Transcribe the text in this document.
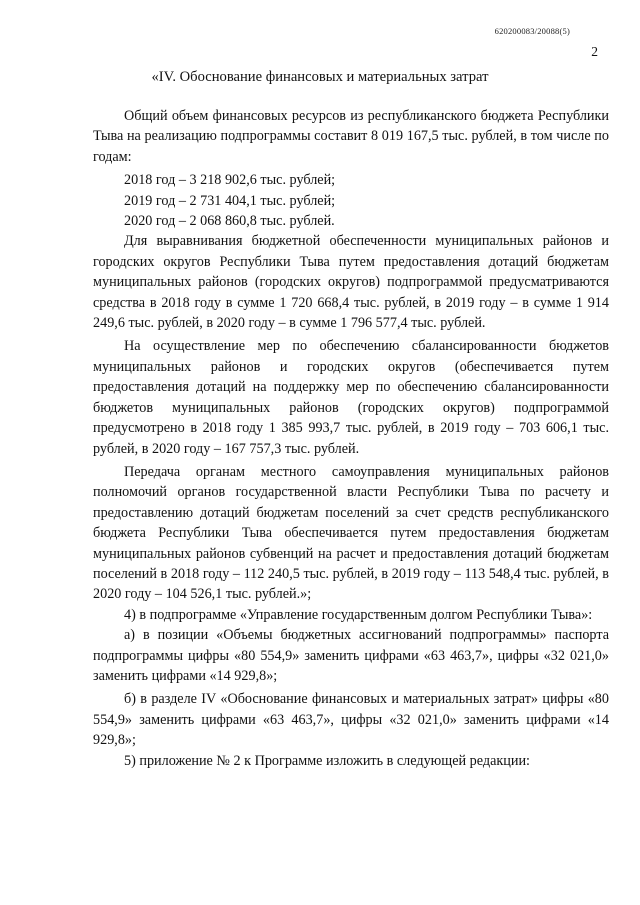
620200083/20088(5)
2
«IV. Обоснование финансовых и материальных затрат

Общий объем финансовых ресурсов из республиканского бюджета Республики Тыва на реализацию подпрограммы составит 8 019 167,5 тыс. рублей, в том числе по годам:

2018 год – 3 218 902,6 тыс. рублей;

2019 год – 2 731 404,1 тыс. рублей;

2020 год – 2 068 860,8 тыс. рублей.

Для выравнивания бюджетной обеспеченности муниципальных районов и городских округов Республики Тыва путем предоставления дотаций бюджетам муниципальных районов (городских округов) подпрограммой предусматриваются средства в 2018 году в сумме 1 720 668,4 тыс. рублей, в 2019 году – в сумме 1 914 249,6 тыс. рублей, в 2020 году – в сумме 1 796 577,4 тыс. рублей.

На осуществление мер по обеспечению сбалансированности бюджетов муниципальных районов и городских округов (обеспечивается путем предоставления дотаций на поддержку мер по обеспечению сбалансированности бюджетов муниципальных районов (городских округов) подпрограммой предусмотрено в 2018 году 1 385 993,7 тыс. рублей, в 2019 году – 703 606,1 тыс. рублей, в 2020 году – 167 757,3 тыс. рублей.

Передача органам местного самоуправления муниципальных районов полномочий органов государственной власти Республики Тыва по расчету и предоставлению дотаций бюджетам поселений за счет средств республиканского бюджета Республики Тыва обеспечивается путем предоставления бюджетам муниципальных районов субвенций на расчет и предоставления дотаций бюджетам поселений в 2018 году – 112 240,5 тыс. рублей, в 2019 году – 113 548,4 тыс. рублей, в 2020 году – 104 526,1 тыс. рублей.»;

4) в подпрограмме «Управление государственным долгом Республики Тыва»:

а) в позиции «Объемы бюджетных ассигнований подпрограммы» паспорта подпрограммы цифры «80 554,9» заменить цифрами «63 463,7», цифры «32 021,0» заменить цифрами «14 929,8»;

б) в разделе IV «Обоснование финансовых и материальных затрат» цифры «80 554,9» заменить цифрами «63 463,7», цифры «32 021,0» заменить цифрами «14 929,8»;

5) приложение № 2 к Программе изложить в следующей редакции:
